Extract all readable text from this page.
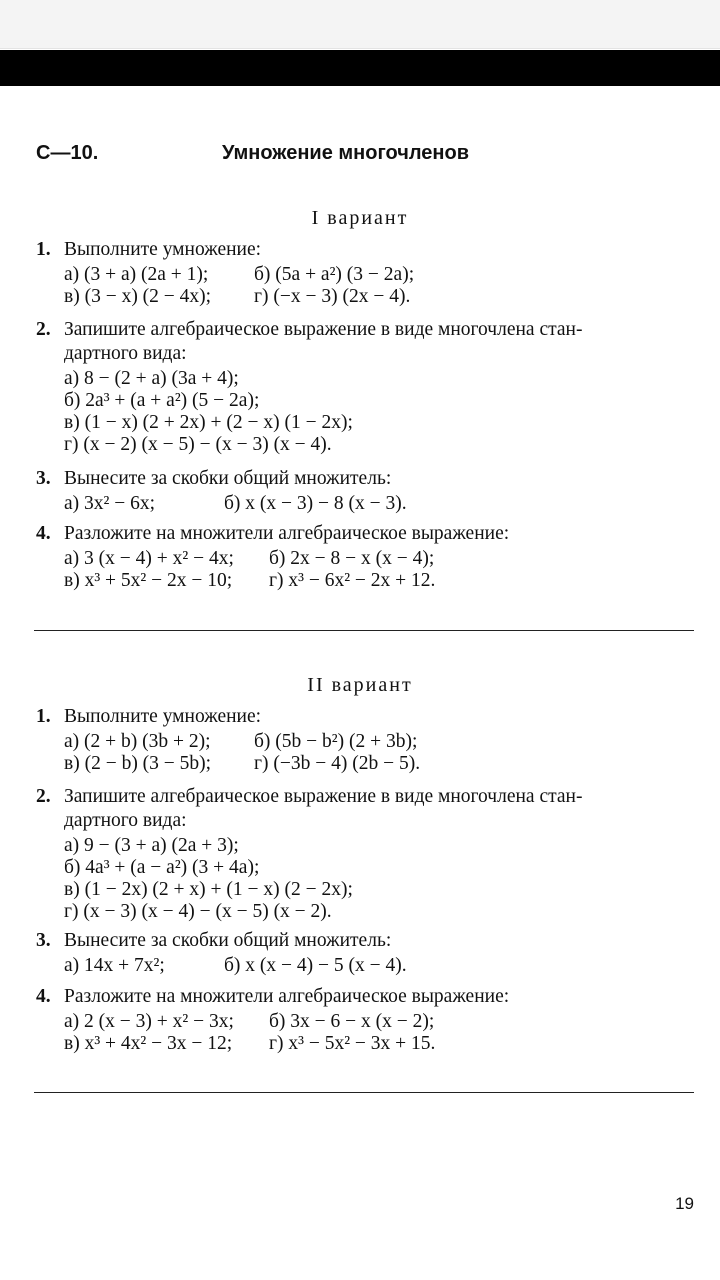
С—10.	Умножение многочленов
I вариант
1. Выполните умножение:
а) (3 + a) (2a + 1); б) (5a + a²) (3 − 2a);
в) (3 − x) (2 − 4x); г) (−x − 3) (2x − 4).
2. Запишите алгебраическое выражение в виде многочлена стан-
дартного вида:
а) 8 − (2 + a) (3a + 4);
б) 2a³ + (a + a²) (5 − 2a);
в) (1 − x) (2 + 2x) + (2 − x) (1 − 2x);
г) (x − 2) (x − 5) − (x − 3) (x − 4).
3. Вынесите за скобки общий множитель:
а) 3x² − 6x;	б) x (x − 3) − 8 (x − 3).
4. Разложите на множители алгебраическое выражение:
а) 3 (x − 4) + x² − 4x; б) 2x − 8 − x (x − 4);
в) x³ + 5x² − 2x − 10; г) x³ − 6x² − 2x + 12.
II вариант
1. Выполните умножение:
а) (2 + b) (3b + 2); б) (5b − b²) (2 + 3b);
в) (2 − b) (3 − 5b); г) (−3b − 4) (2b − 5).
2. Запишите алгебраическое выражение в виде многочлена стан-
дартного вида:
а) 9 − (3 + a) (2a + 3);
б) 4a³ + (a − a²) (3 + 4a);
в) (1 − 2x) (2 + x) + (1 − x) (2 − 2x);
г) (x − 3) (x − 4) − (x − 5) (x − 2).
3. Вынесите за скобки общий множитель:
а) 14x + 7x²;	б) x (x − 4) − 5 (x − 4).
4. Разложите на множители алгебраическое выражение:
а) 2 (x − 3) + x² − 3x; б) 3x − 6 − x (x − 2);
в) x³ + 4x² − 3x − 12; г) x³ − 5x² − 3x + 15.
19
